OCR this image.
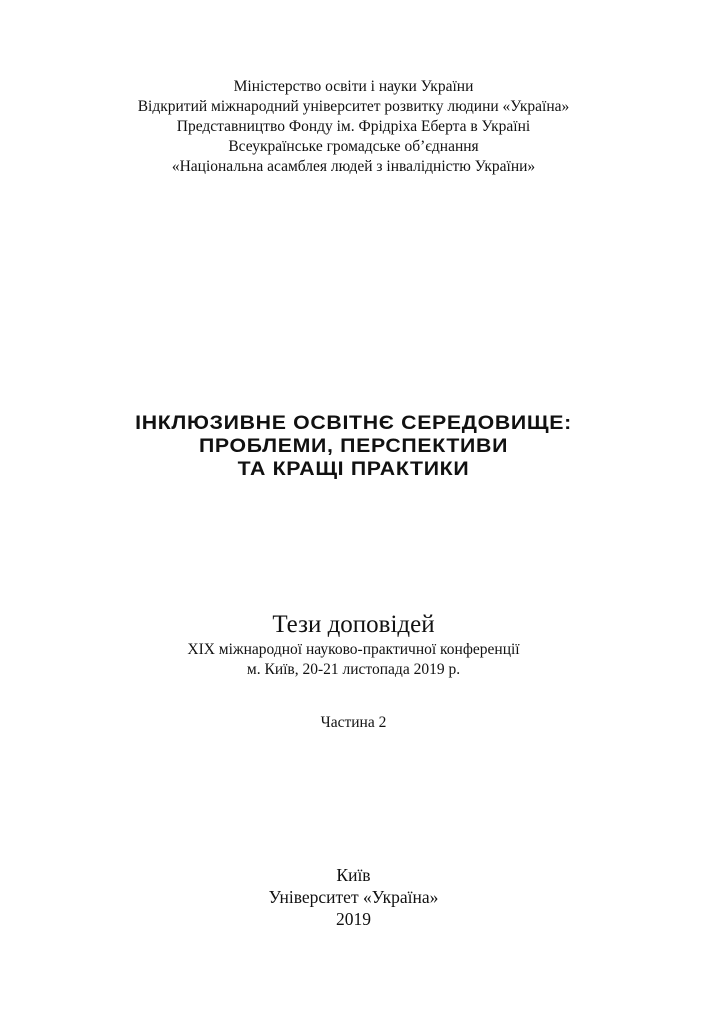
Міністерство освіти і науки України
Відкритий міжнародний університет розвитку людини «Україна»
Представництво Фонду ім. Фрідріха Еберта в Україні
Всеукраїнське громадське об’єднання
«Національна асамблея людей з інвалідністю України»
ІНКЛЮЗИВНЕ ОСВІТНЄ СЕРЕДОВИЩЕ:
ПРОБЛЕМИ, ПЕРСПЕКТИВИ
ТА КРАЩІ ПРАКТИКИ
Тези доповідей
XIX міжнародної науково-практичної конференції
м. Київ, 20-21 листопада 2019 р.
Частина 2
Київ
Університет «Україна»
2019
